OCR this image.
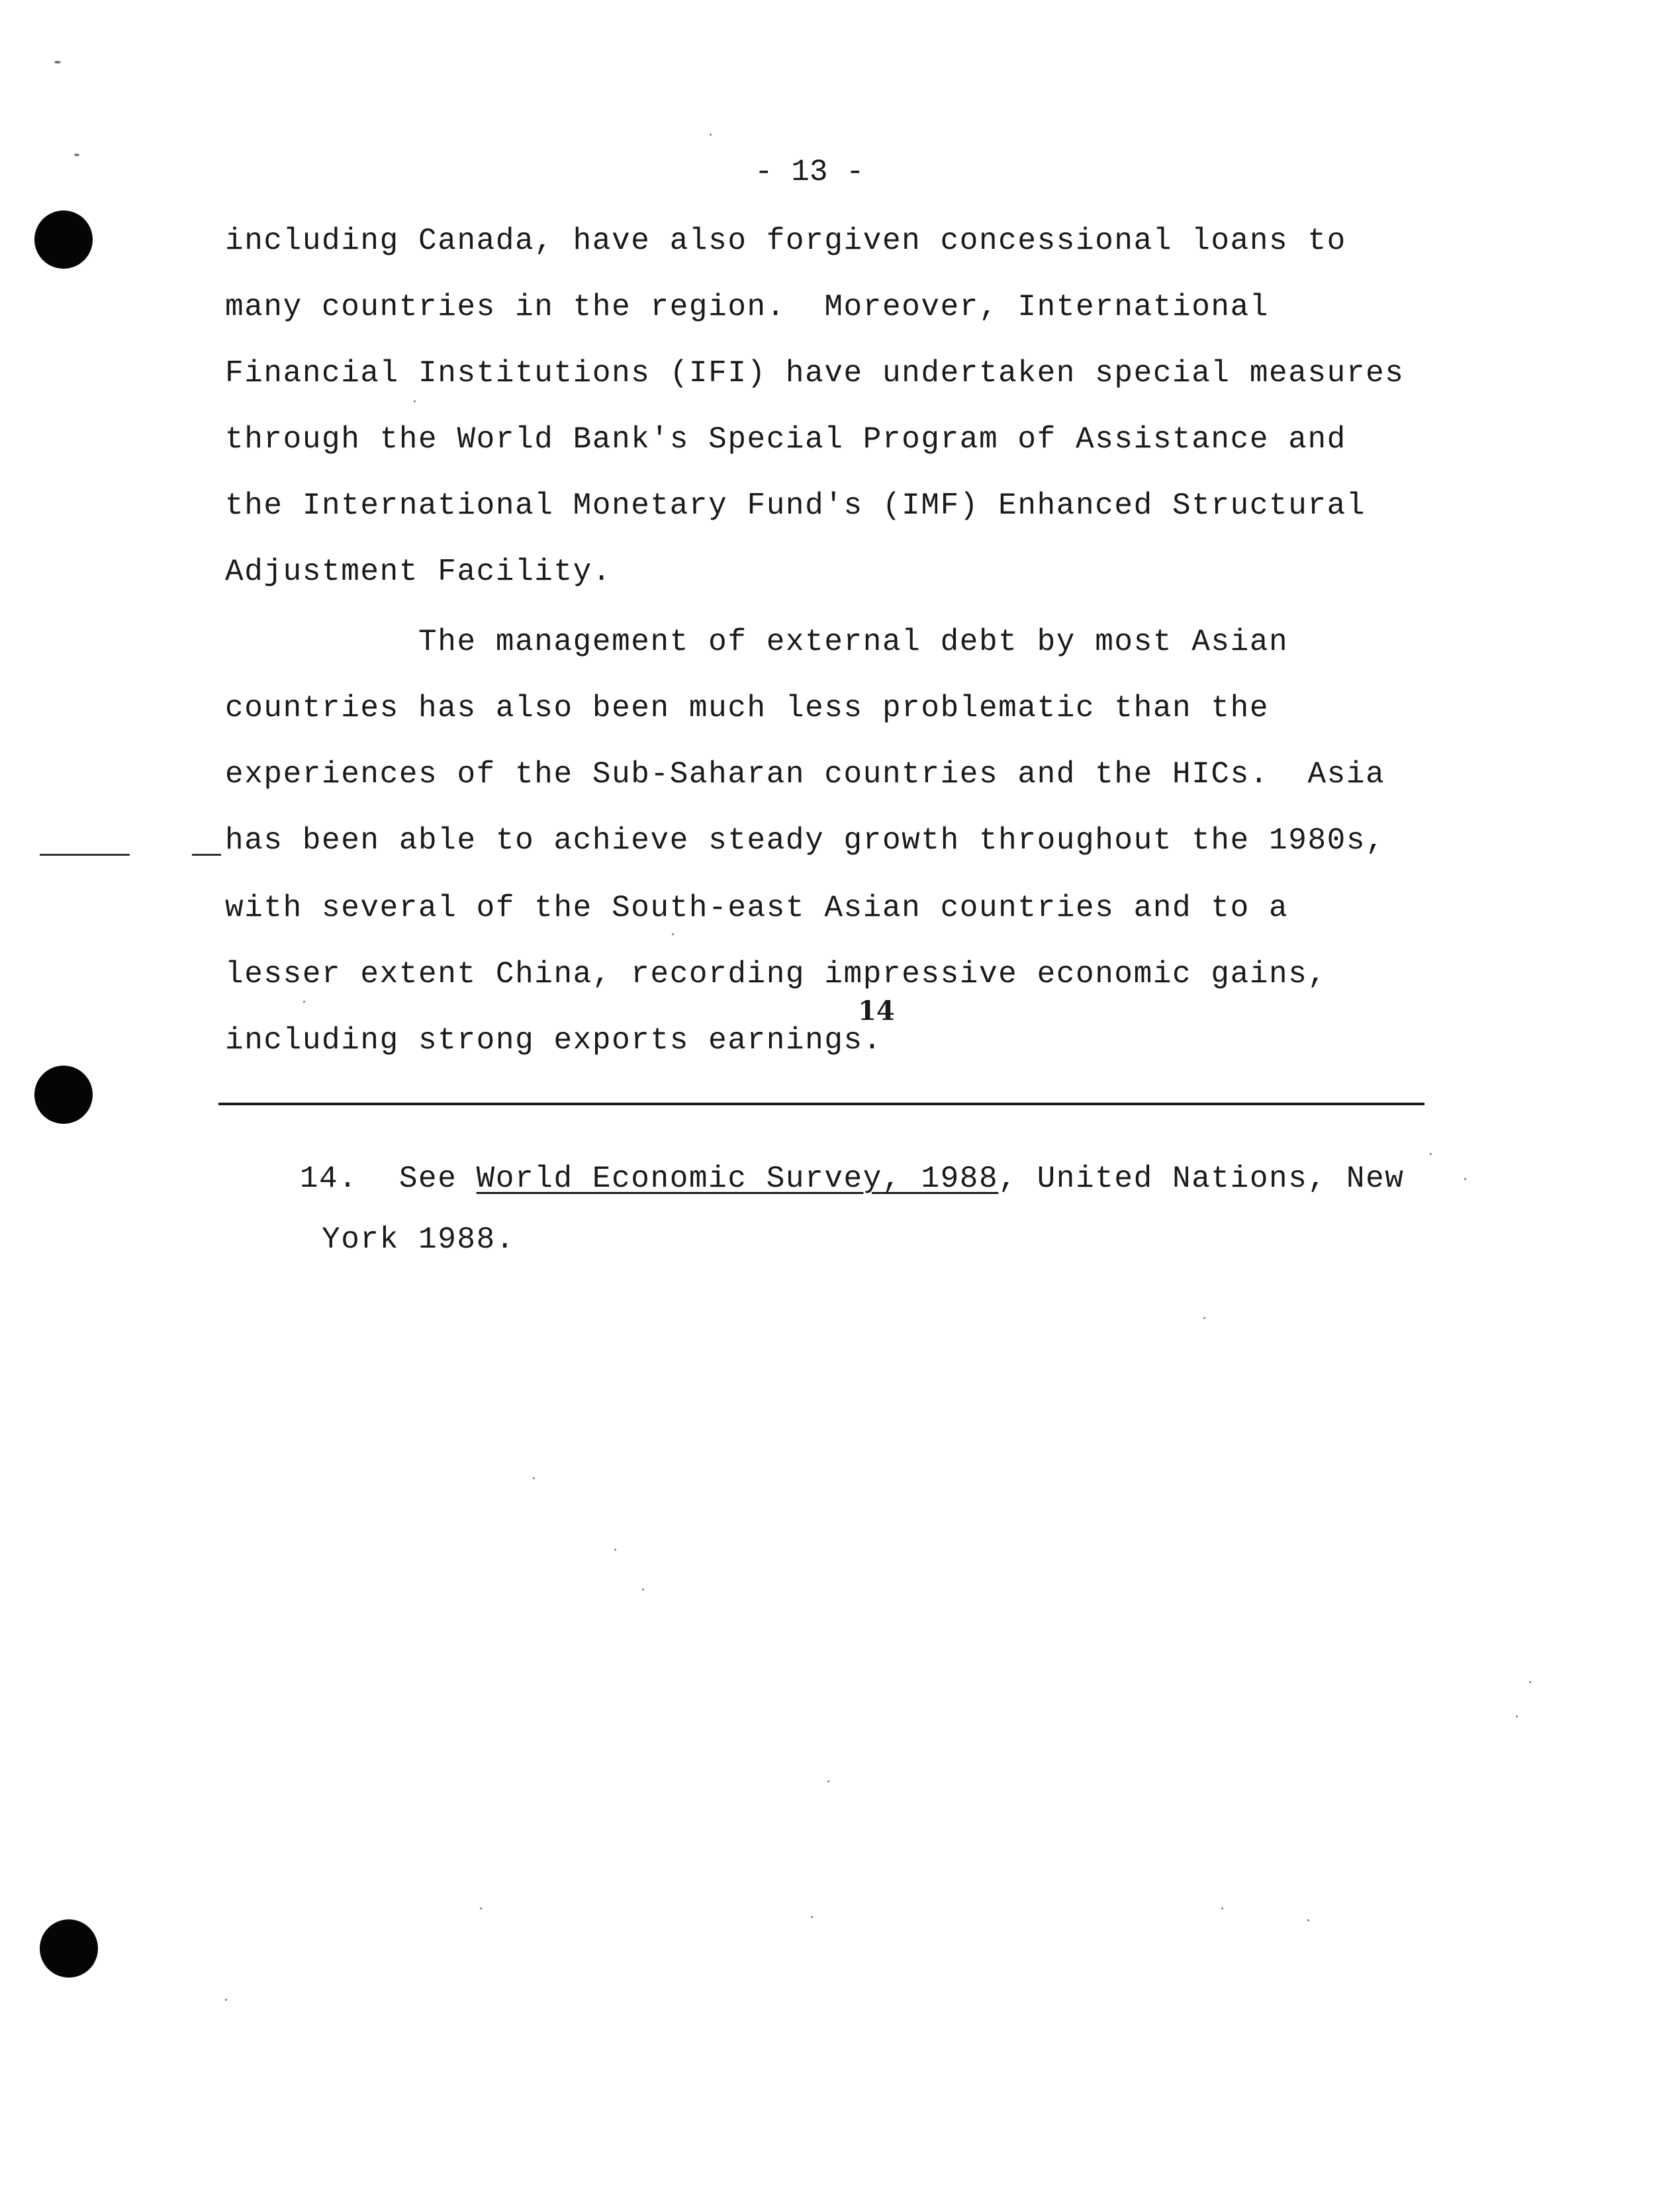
- 13 -
including Canada, have also forgiven concessional loans to
many countries in the region.  Moreover, International
Financial Institutions (IFI) have undertaken special measures
through the World Bank's Special Program of Assistance and
the International Monetary Fund's (IMF) Enhanced Structural
Adjustment Facility.
The management of external debt by most Asian
countries has also been much less problematic than the
experiences of the Sub-Saharan countries and the HICs.  Asia
has been able to achieve steady growth throughout the 1980s,
with several of the South-east Asian countries and to a
lesser extent China, recording impressive economic gains,
including strong exports earnings.
14

14. See World Economic Survey, 1988, United Nations, New

York 1988.
